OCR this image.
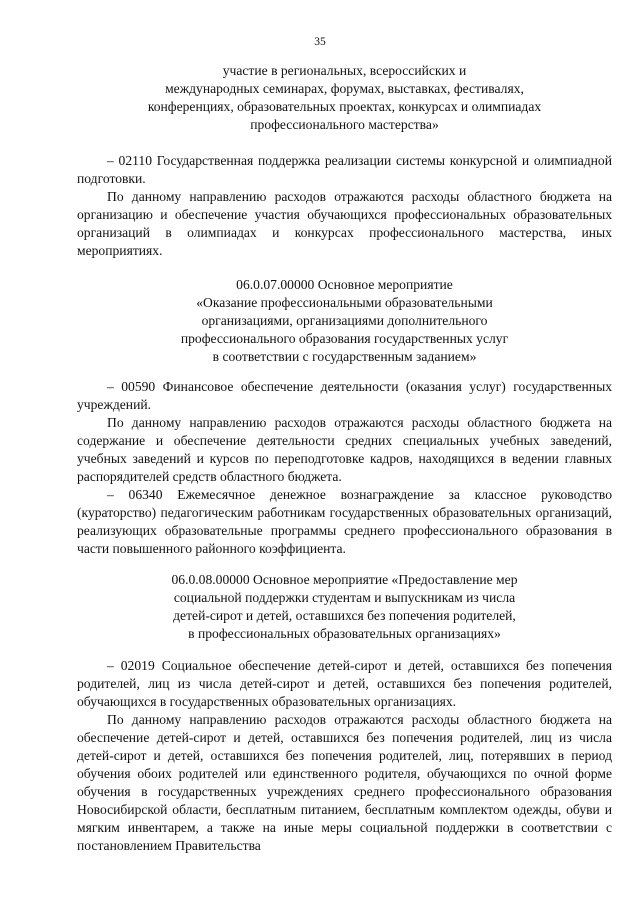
35
участие в региональных, всероссийских и
международных семинарах, форумах, выставках, фестивалях,
конференциях, образовательных проектах, конкурсах и олимпиадах
профессионального мастерства»

– 02110 Государственная поддержка реализации системы конкурсной и олимпиадной подготовки.

По данному направлению расходов отражаются расходы областного бюджета на организацию и обеспечение участия обучающихся профессиональных образовательных организаций в олимпиадах и конкурсах профессионального мастерства, иных мероприятиях.

06.0.07.00000 Основное мероприятие
«Оказание профессиональными образовательными
организациями, организациями дополнительного
профессионального образования государственных услуг
в соответствии с государственным заданием»

– 00590 Финансовое обеспечение деятельности (оказания услуг) государственных учреждений.

По данному направлению расходов отражаются расходы областного бюджета на содержание и обеспечение деятельности средних специальных учебных заведений, учебных заведений и курсов по переподготовке кадров, находящихся в ведении главных распорядителей средств областного бюджета.

– 06340 Ежемесячное денежное вознаграждение за классное руководство (кураторство) педагогическим работникам государственных образовательных организаций, реализующих образовательные программы среднего профессионального образования в части повышенного районного коэффициента.

06.0.08.00000 Основное мероприятие «Предоставление мер
социальной поддержки студентам и выпускникам из числа
детей-сирот и детей, оставшихся без попечения родителей,
в профессиональных образовательных организациях»

– 02019 Социальное обеспечение детей-сирот и детей, оставшихся без попечения родителей, лиц из числа детей-сирот и детей, оставшихся без попечения родителей, обучающихся в государственных образовательных организациях.

По данному направлению расходов отражаются расходы областного бюджета на обеспечение детей-сирот и детей, оставшихся без попечения родителей, лиц из числа детей-сирот и детей, оставшихся без попечения родителей, лиц, потерявших в период обучения обоих родителей или единственного родителя, обучающихся по очной форме обучения в государственных учреждениях среднего профессионального образования Новосибирской области, бесплатным питанием, бесплатным комплектом одежды, обуви и мягким инвентарем, а также на иные меры социальной поддержки в соответствии с постановлением Правительства
